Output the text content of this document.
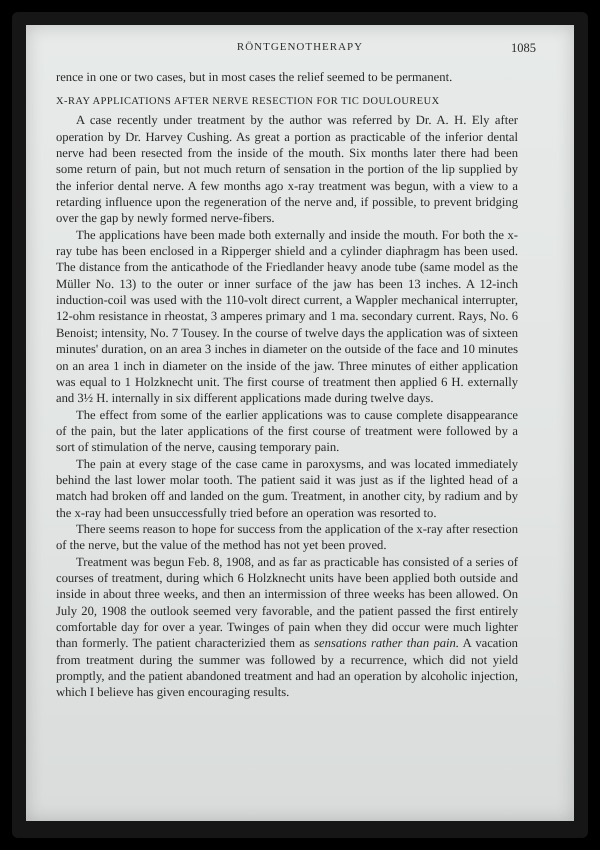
RÖNTGENOTHERAPY	1085

rence in one or two cases, but in most cases the relief seemed to be permanent.

X-RAY APPLICATIONS AFTER NERVE RESECTION FOR TIC DOULOUREUX

A case recently under treatment by the author was referred by Dr. A. H. Ely after operation by Dr. Harvey Cushing. As great a portion as practicable of the inferior dental nerve had been resected from the inside of the mouth. Six months later there had been some return of pain, but not much return of sensation in the portion of the lip supplied by the inferior dental nerve. A few months ago x-ray treatment was begun, with a view to a retarding influence upon the regeneration of the nerve and, if possible, to prevent bridging over the gap by newly formed nerve-fibers.

The applications have been made both externally and inside the mouth. For both the x-ray tube has been enclosed in a Ripperger shield and a cylinder diaphragm has been used. The distance from the anticathode of the Friedlander heavy anode tube (same model as the Müller No. 13) to the outer or inner surface of the jaw has been 13 inches. A 12-inch induction-coil was used with the 110-volt direct current, a Wappler mechanical interrupter, 12-ohm resistance in rheostat, 3 amperes primary and 1 ma. secondary current. Rays, No. 6 Benoist; intensity, No. 7 Tousey. In the course of twelve days the application was of sixteen minutes' duration, on an area 3 inches in diameter on the outside of the face and 10 minutes on an area 1 inch in diameter on the inside of the jaw. Three minutes of either application was equal to 1 Holzknecht unit. The first course of treatment then applied 6 H. externally and 3½ H. internally in six different applications made during twelve days.

The effect from some of the earlier applications was to cause complete disappearance of the pain, but the later applications of the first course of treatment were followed by a sort of stimulation of the nerve, causing temporary pain.

The pain at every stage of the case came in paroxysms, and was located immediately behind the last lower molar tooth. The patient said it was just as if the lighted head of a match had broken off and landed on the gum. Treatment, in another city, by radium and by the x-ray had been unsuccessfully tried before an operation was resorted to.

There seems reason to hope for success from the application of the x-ray after resection of the nerve, but the value of the method has not yet been proved.

Treatment was begun Feb. 8, 1908, and as far as practicable has consisted of a series of courses of treatment, during which 6 Holzknecht units have been applied both outside and inside in about three weeks, and then an intermission of three weeks has been allowed. On July 20, 1908 the outlook seemed very favorable, and the patient passed the first entirely comfortable day for over a year. Twinges of pain when they did occur were much lighter than formerly. The patient characterizied them as sensations rather than pain. A vacation from treatment during the summer was followed by a recurrence, which did not yield promptly, and the patient abandoned treatment and had an operation by alcoholic injection, which I believe has given encouraging results.
